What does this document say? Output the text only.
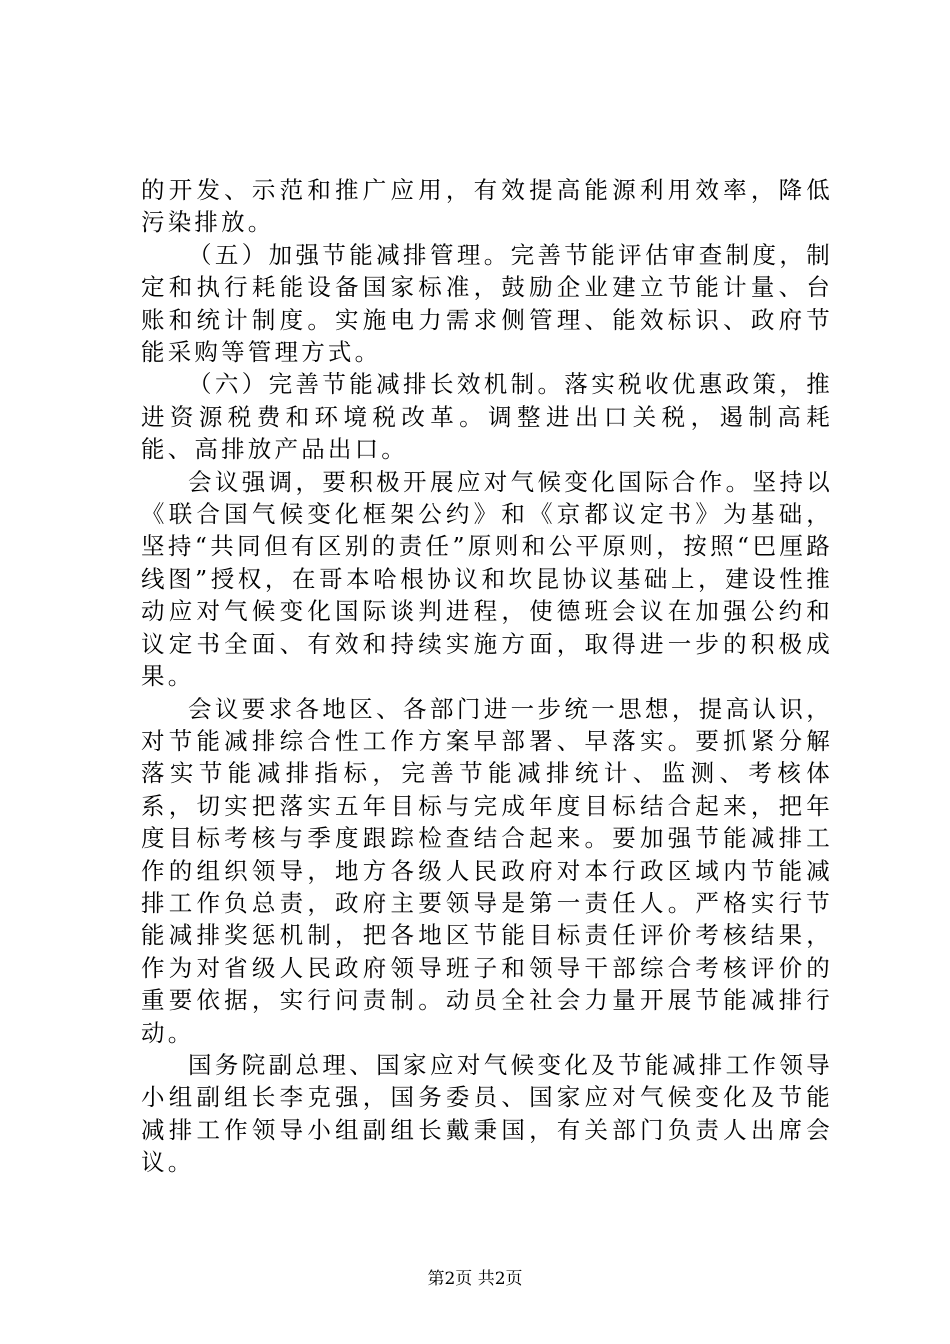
的开发、示范和推广应用，有效提高能源利用效率，降低污染排放。

（五）加强节能减排管理。完善节能评估审查制度，制定和执行耗能设备国家标准，鼓励企业建立节能计量、台账和统计制度。实施电力需求侧管理、能效标识、政府节能采购等管理方式。

（六）完善节能减排长效机制。落实税收优惠政策，推进资源税费和环境税改革。调整进出口关税，遏制高耗能、高排放产品出口。

会议强调，要积极开展应对气候变化国际合作。坚持以《联合国气候变化框架公约》和《京都议定书》为基础，坚持“共同但有区别的责任”原则和公平原则，按照“巴厘路线图”授权，在哥本哈根协议和坎昆协议基础上，建设性推动应对气候变化国际谈判进程，使德班会议在加强公约和议定书全面、有效和持续实施方面，取得进一步的积极成果。

会议要求各地区、各部门进一步统一思想，提高认识，对节能减排综合性工作方案早部署、早落实。要抓紧分解落实节能减排指标，完善节能减排统计、监测、考核体系，切实把落实五年目标与完成年度目标结合起来，把年度目标考核与季度跟踪检查结合起来。要加强节能减排工作的组织领导，地方各级人民政府对本行政区域内节能减排工作负总责，政府主要领导是第一责任人。严格实行节能减排奖惩机制，把各地区节能目标责任评价考核结果，作为对省级人民政府领导班子和领导干部综合考核评价的重要依据，实行问责制。动员全社会力量开展节能减排行动。

国务院副总理、国家应对气候变化及节能减排工作领导小组副组长李克强，国务委员、国家应对气候变化及节能减排工作领导小组副组长戴秉国，有关部门负责人出席会议。

第2页 共2页
